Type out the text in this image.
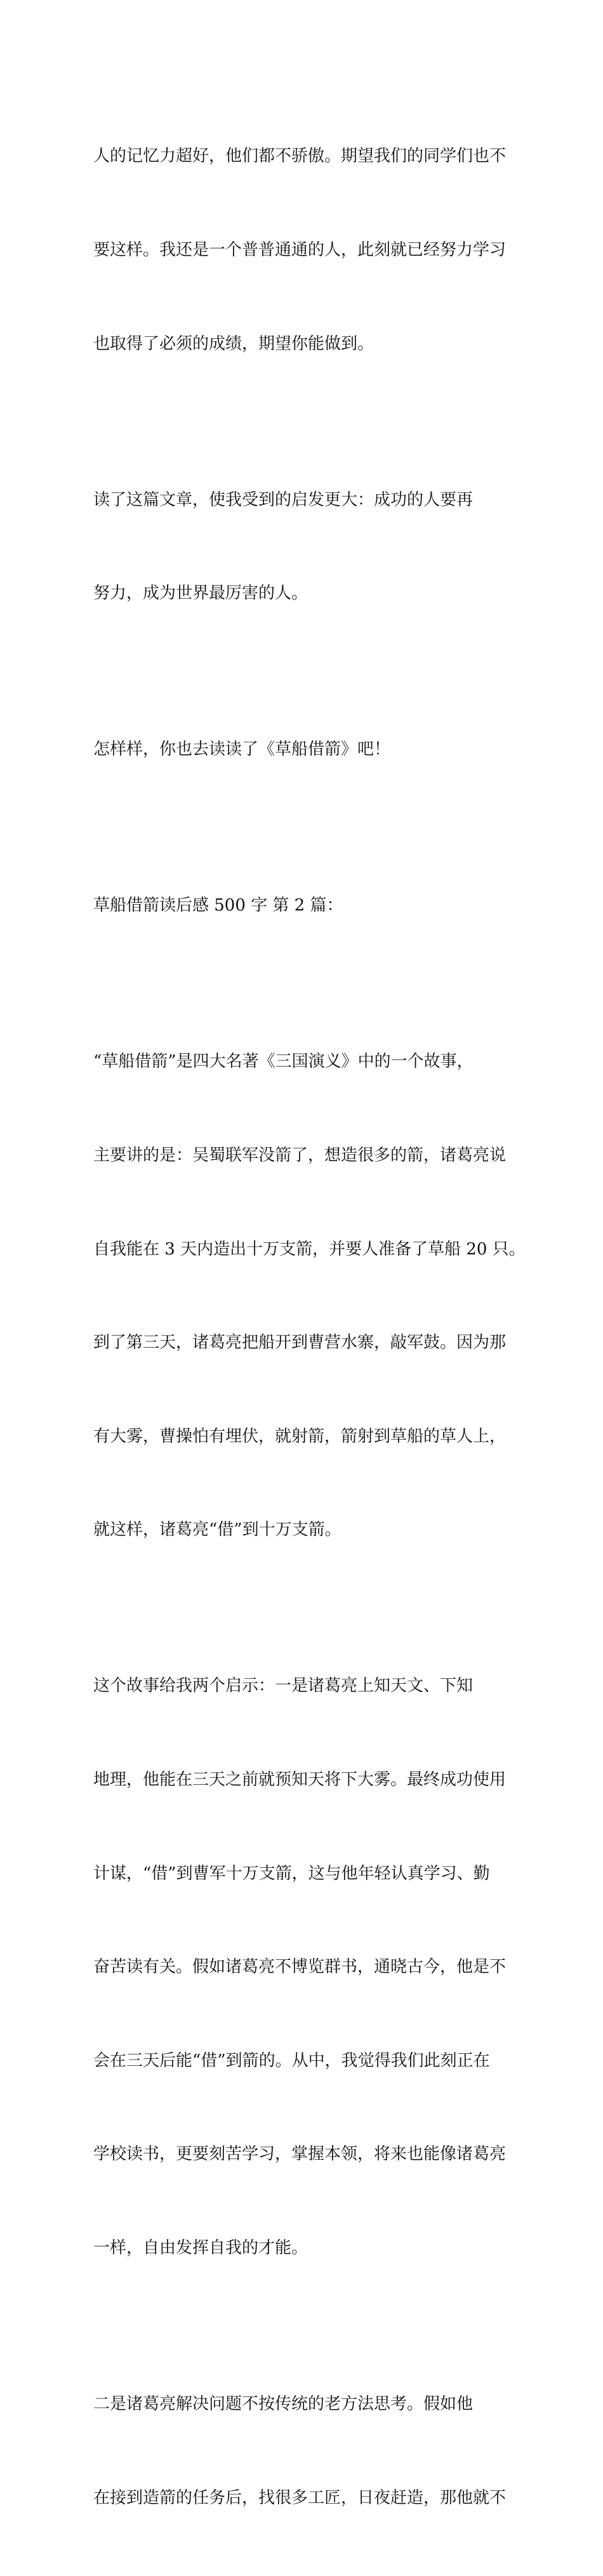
人的记忆力超好，他们都不骄傲。期望我们的同学们也不

要这样。我还是一个普普通通的人，此刻就已经努力学习

也取得了必须的成绩，期望你能做到。

读了这篇文章，使我受到的启发更大：成功的人要再

努力，成为世界最厉害的人。

怎样样，你也去读读了《草船借箭》吧！

草船借箭读后感 500 字 第 2 篇：

“草船借箭”是四大名著《三国演义》中的一个故事，

主要讲的是：吴蜀联军没箭了，想造很多的箭，诸葛亮说

自我能在 3 天内造出十万支箭，并要人准备了草船 20 只。

到了第三天，诸葛亮把船开到曹营水寨，敲军鼓。因为那

有大雾，曹操怕有埋伏，就射箭，箭射到草船的草人上，

就这样，诸葛亮“借”到十万支箭。

这个故事给我两个启示：一是诸葛亮上知天文、下知

地理，他能在三天之前就预知天将下大雾。最终成功使用

计谋，“借”到曹军十万支箭，这与他年轻认真学习、勤

奋苦读有关。假如诸葛亮不博览群书，通晓古今，他是不

会在三天后能“借”到箭的。从中，我觉得我们此刻正在

学校读书，更要刻苦学习，掌握本领，将来也能像诸葛亮

一样，自由发挥自我的才能。

二是诸葛亮解决问题不按传统的老方法思考。假如他

在接到造箭的任务后，找很多工匠，日夜赶造，那他就不
